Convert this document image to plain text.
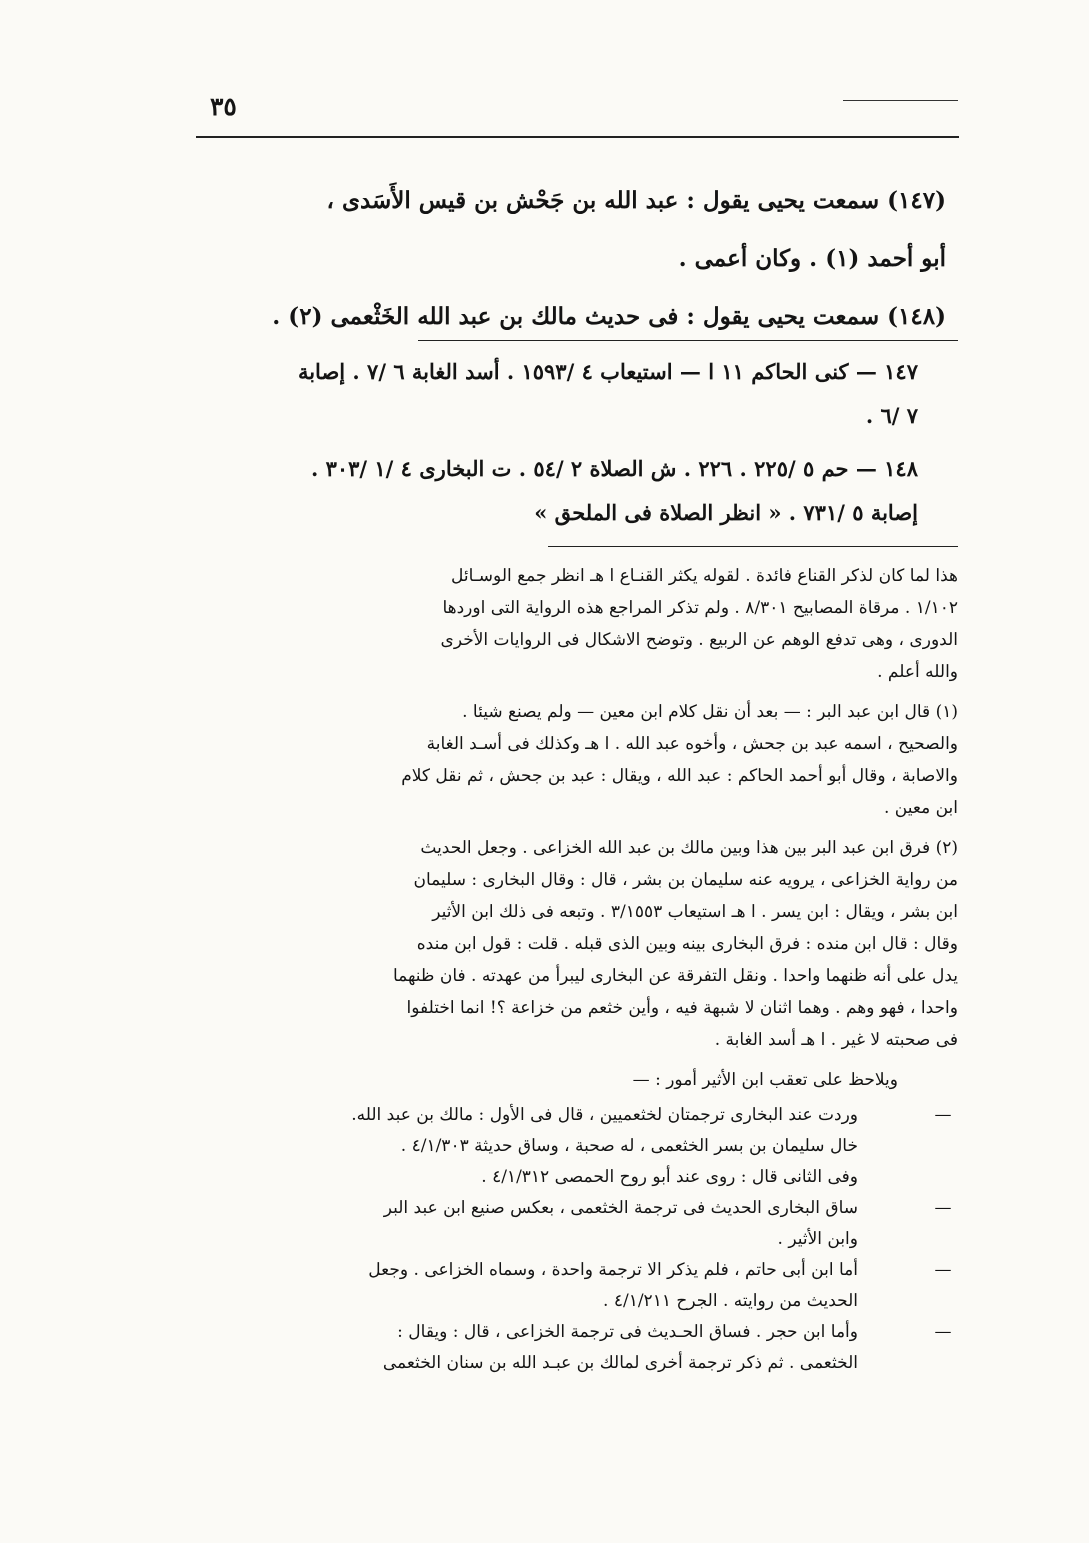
٣٥

(١٤٧) سمعت يحيى يقول : عبد الله بن جَحْش بن قيس الأَسَدى ،
أبو أحمد (١) . وكان أعمى .

(١٤٨) سمعت يحيى يقول : فى حديث مالك بن عبد الله الخَثْعمى (٢) .

١٤٧ — كنى الحاكم ١١ ا — استيعاب ٤ /١٥٩٣ . أسد الغابة ٦ /٧ . إصابة
٧ /٦ .

١٤٨ — حم ٥ /٢٢٥ . ٢٢٦ . ش الصلاة ٢ /٥٤ . ت البخارى ٤ /١ /٣٠٣ .
إصابة ٥ /٧٣١ . « انظر الصلاة فى الملحق »

هذا لما كان لذكر القناع فائدة . لقوله يكثر القنـاع ا هـ انظر جمع الوسـائل
١/١٠٢ . مرقاة المصابيح ٨/٣٠١ . ولم تذكر المراجع هذه الرواية التى اوردها
الدورى ، وهى تدفع الوهم عن الربيع . وتوضح الاشكال فى الروايات الأخرى
والله أعلم .

(١) قال ابن عبد البر : — بعد أن نقل كلام ابن معين — ولم يصنع شيئا .
والصحيح ، اسمه عبد بن جحش ، وأخوه عبد الله . ا هـ وكذلك فى أسـد الغابة
والاصابة ، وقال أبو أحمد الحاكم : عبد الله ، ويقال : عبد بن جحش ، ثم نقل كلام
ابن معين .

(٢) فرق ابن عبد البر بين هذا وبين مالك بن عبد الله الخزاعى . وجعل الحديث
من رواية الخزاعى ، يرويه عنه سليمان بن بشر ، قال : وقال البخارى : سليمان
ابن بشر ، ويقال : ابن يسر . ا هـ استيعاب ٣/١٥٥٣ . وتبعه فى ذلك ابن الأثير
وقال : قال ابن منده : فرق البخارى بينه وبين الذى قبله . قلت : قول ابن منده
يدل على أنه ظنهما واحدا . ونقل التفرقة عن البخارى ليبرأ من عهدته . فان ظنهما
واحدا ، فهو وهم . وهما اثنان لا شبهة فيه ، وأين خثعم من خزاعة ؟! انما اختلفوا
فى صحبته لا غير . ا هـ أسد الغابة .

ويلاحظ على تعقب ابن الأثير أمور : —

—
وردت عند البخارى ترجمتان لخثعميين ، قال فى الأول : مالك بن عبد الله.
خال سليمان بن بسر الخثعمى ، له صحبة ، وساق حديثة ٤/١/٣٠٣ .
وفى الثانى قال : روى عند أبو روح الحمصى ٤/١/٣١٢ .
—
ساق البخارى الحديث فى ترجمة الخثعمى ، بعكس صنيع ابن عبد البر
وابن الأثير .
—
أما ابن أبى حاتم ، فلم يذكر الا ترجمة واحدة ، وسماه الخزاعى . وجعل
الحديث من روايته . الجرح ٤/١/٢١١ .
—
وأما ابن حجر . فساق الحـديث فى ترجمة الخزاعى ، قال : ويقال :
الخثعمى . ثم ذكر ترجمة أخرى لمالك بن عبـد الله بن سنان الخثعمى
